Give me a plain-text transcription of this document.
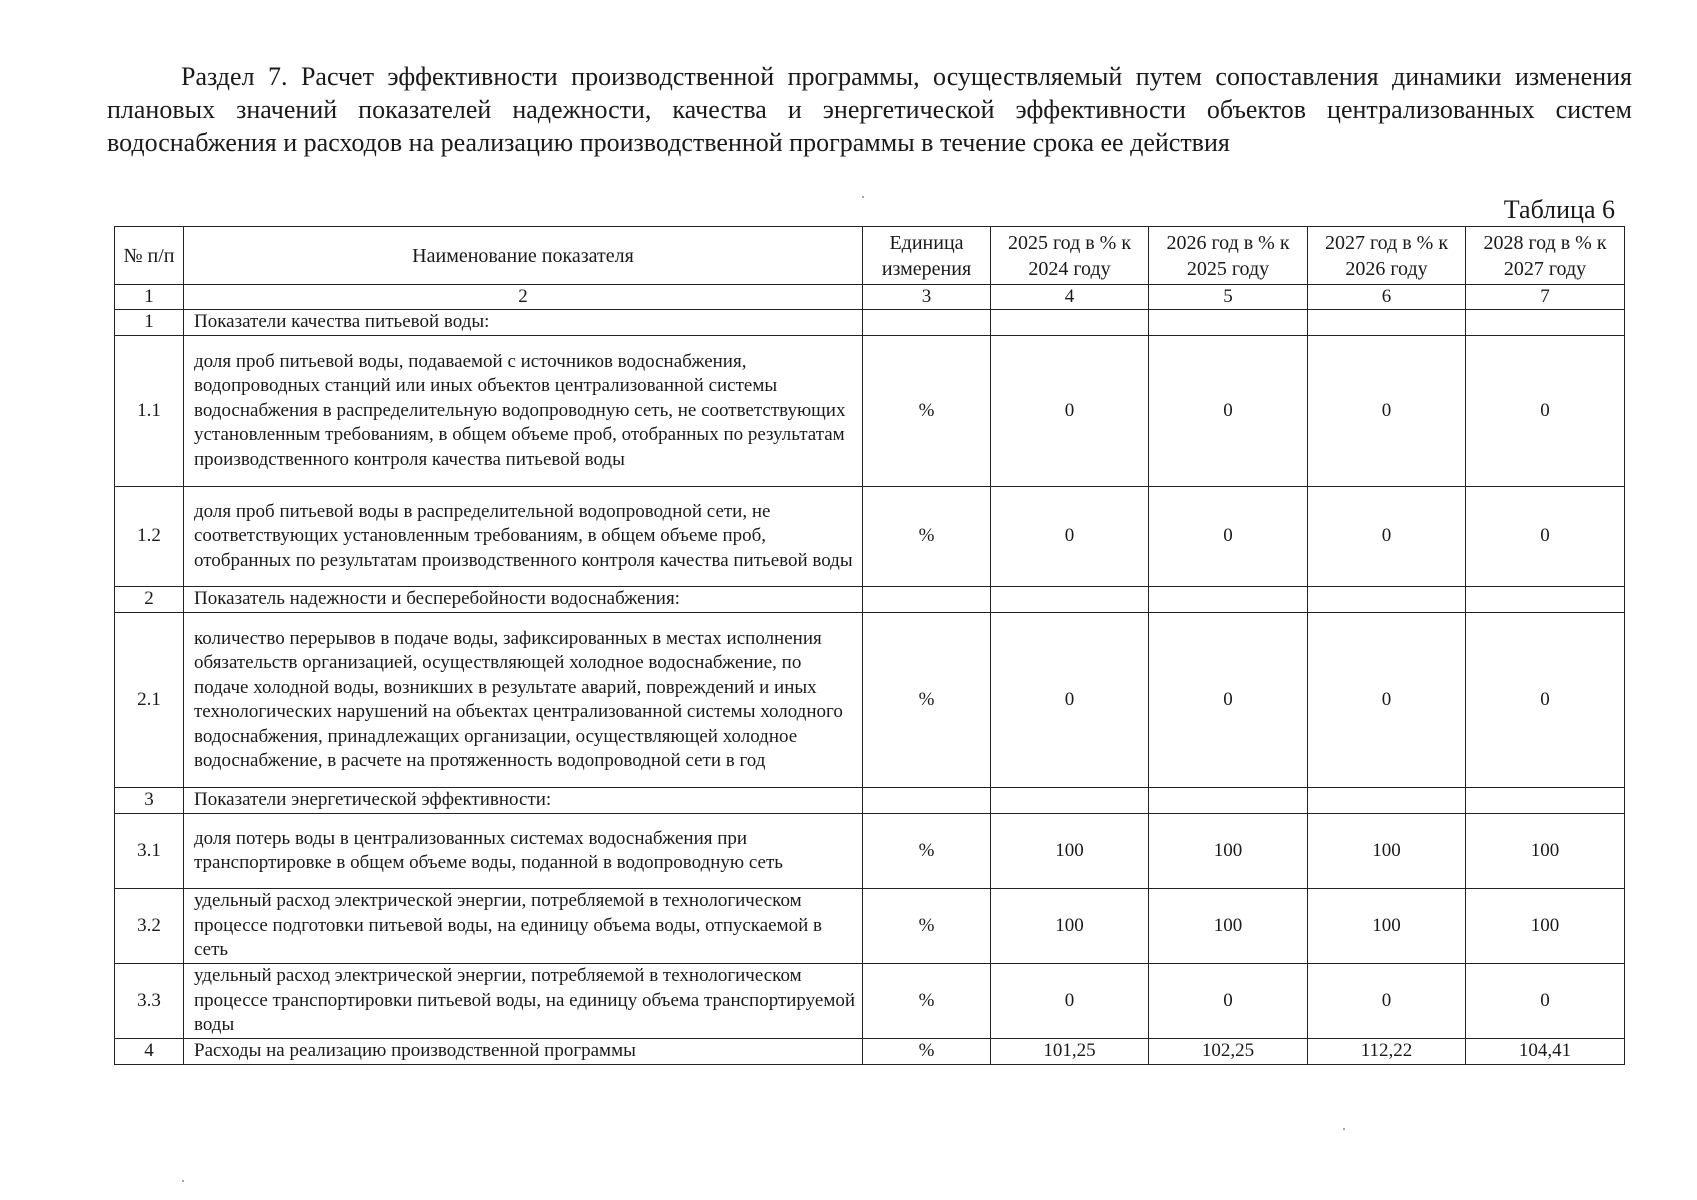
Раздел 7. Расчет эффективности производственной программы, осуществляемый путем сопоставления динамики изменения плановых значений показателей надежности, качества и энергетической эффективности объектов централизованных систем водоснабжения и расходов на реализацию производственной программы в течение срока ее действия

Таблица 6
№ п/п	Наименование показателя	Единица измерения	2025 год в % к 2024 году	2026 год в % к 2025 году	2027 год в % к 2026 году	2028 год в % к 2027 году
1	2	3	4	5	6	7
1	Показатели качества питьевой воды:					
1.1	доля проб питьевой воды, подаваемой с источников водоснабжения, водопроводных станций или иных объектов централизованной системы водоснабжения в распределительную водопроводную сеть, не соответствующих установленным требованиям, в общем объеме проб, отобранных по результатам производственного контроля качества питьевой воды	%	0	0	0	0
1.2	доля проб питьевой воды в распределительной водопроводной сети, не соответствующих установленным требованиям, в общем объеме проб, отобранных по результатам производственного контроля качества питьевой воды	%	0	0	0	0
2	Показатель надежности и бесперебойности водоснабжения:					
2.1	количество перерывов в подаче воды, зафиксированных в местах исполнения обязательств организацией, осуществляющей холодное водоснабжение, по подаче холодной воды, возникших в результате аварий, повреждений и иных технологических нарушений на объектах централизованной системы холодного водоснабжения, принадлежащих организации, осуществляющей холодное водоснабжение, в расчете на протяженность водопроводной сети в год	%	0	0	0	0
3	Показатели энергетической эффективности:					
3.1	доля потерь воды в централизованных системах водоснабжения при транспортировке в общем объеме воды, поданной в водопроводную сеть	%	100	100	100	100
3.2	удельный расход электрической энергии, потребляемой в технологическом процессе подготовки питьевой воды, на единицу объема воды, отпускаемой в сеть	%	100	100	100	100
3.3	удельный расход электрической энергии, потребляемой в технологическом процессе транспортировки питьевой воды, на единицу объема транспортируемой воды	%	0	0	0	0
4	Расходы на реализацию производственной программы	%	101,25	102,25	112,22	104,41
